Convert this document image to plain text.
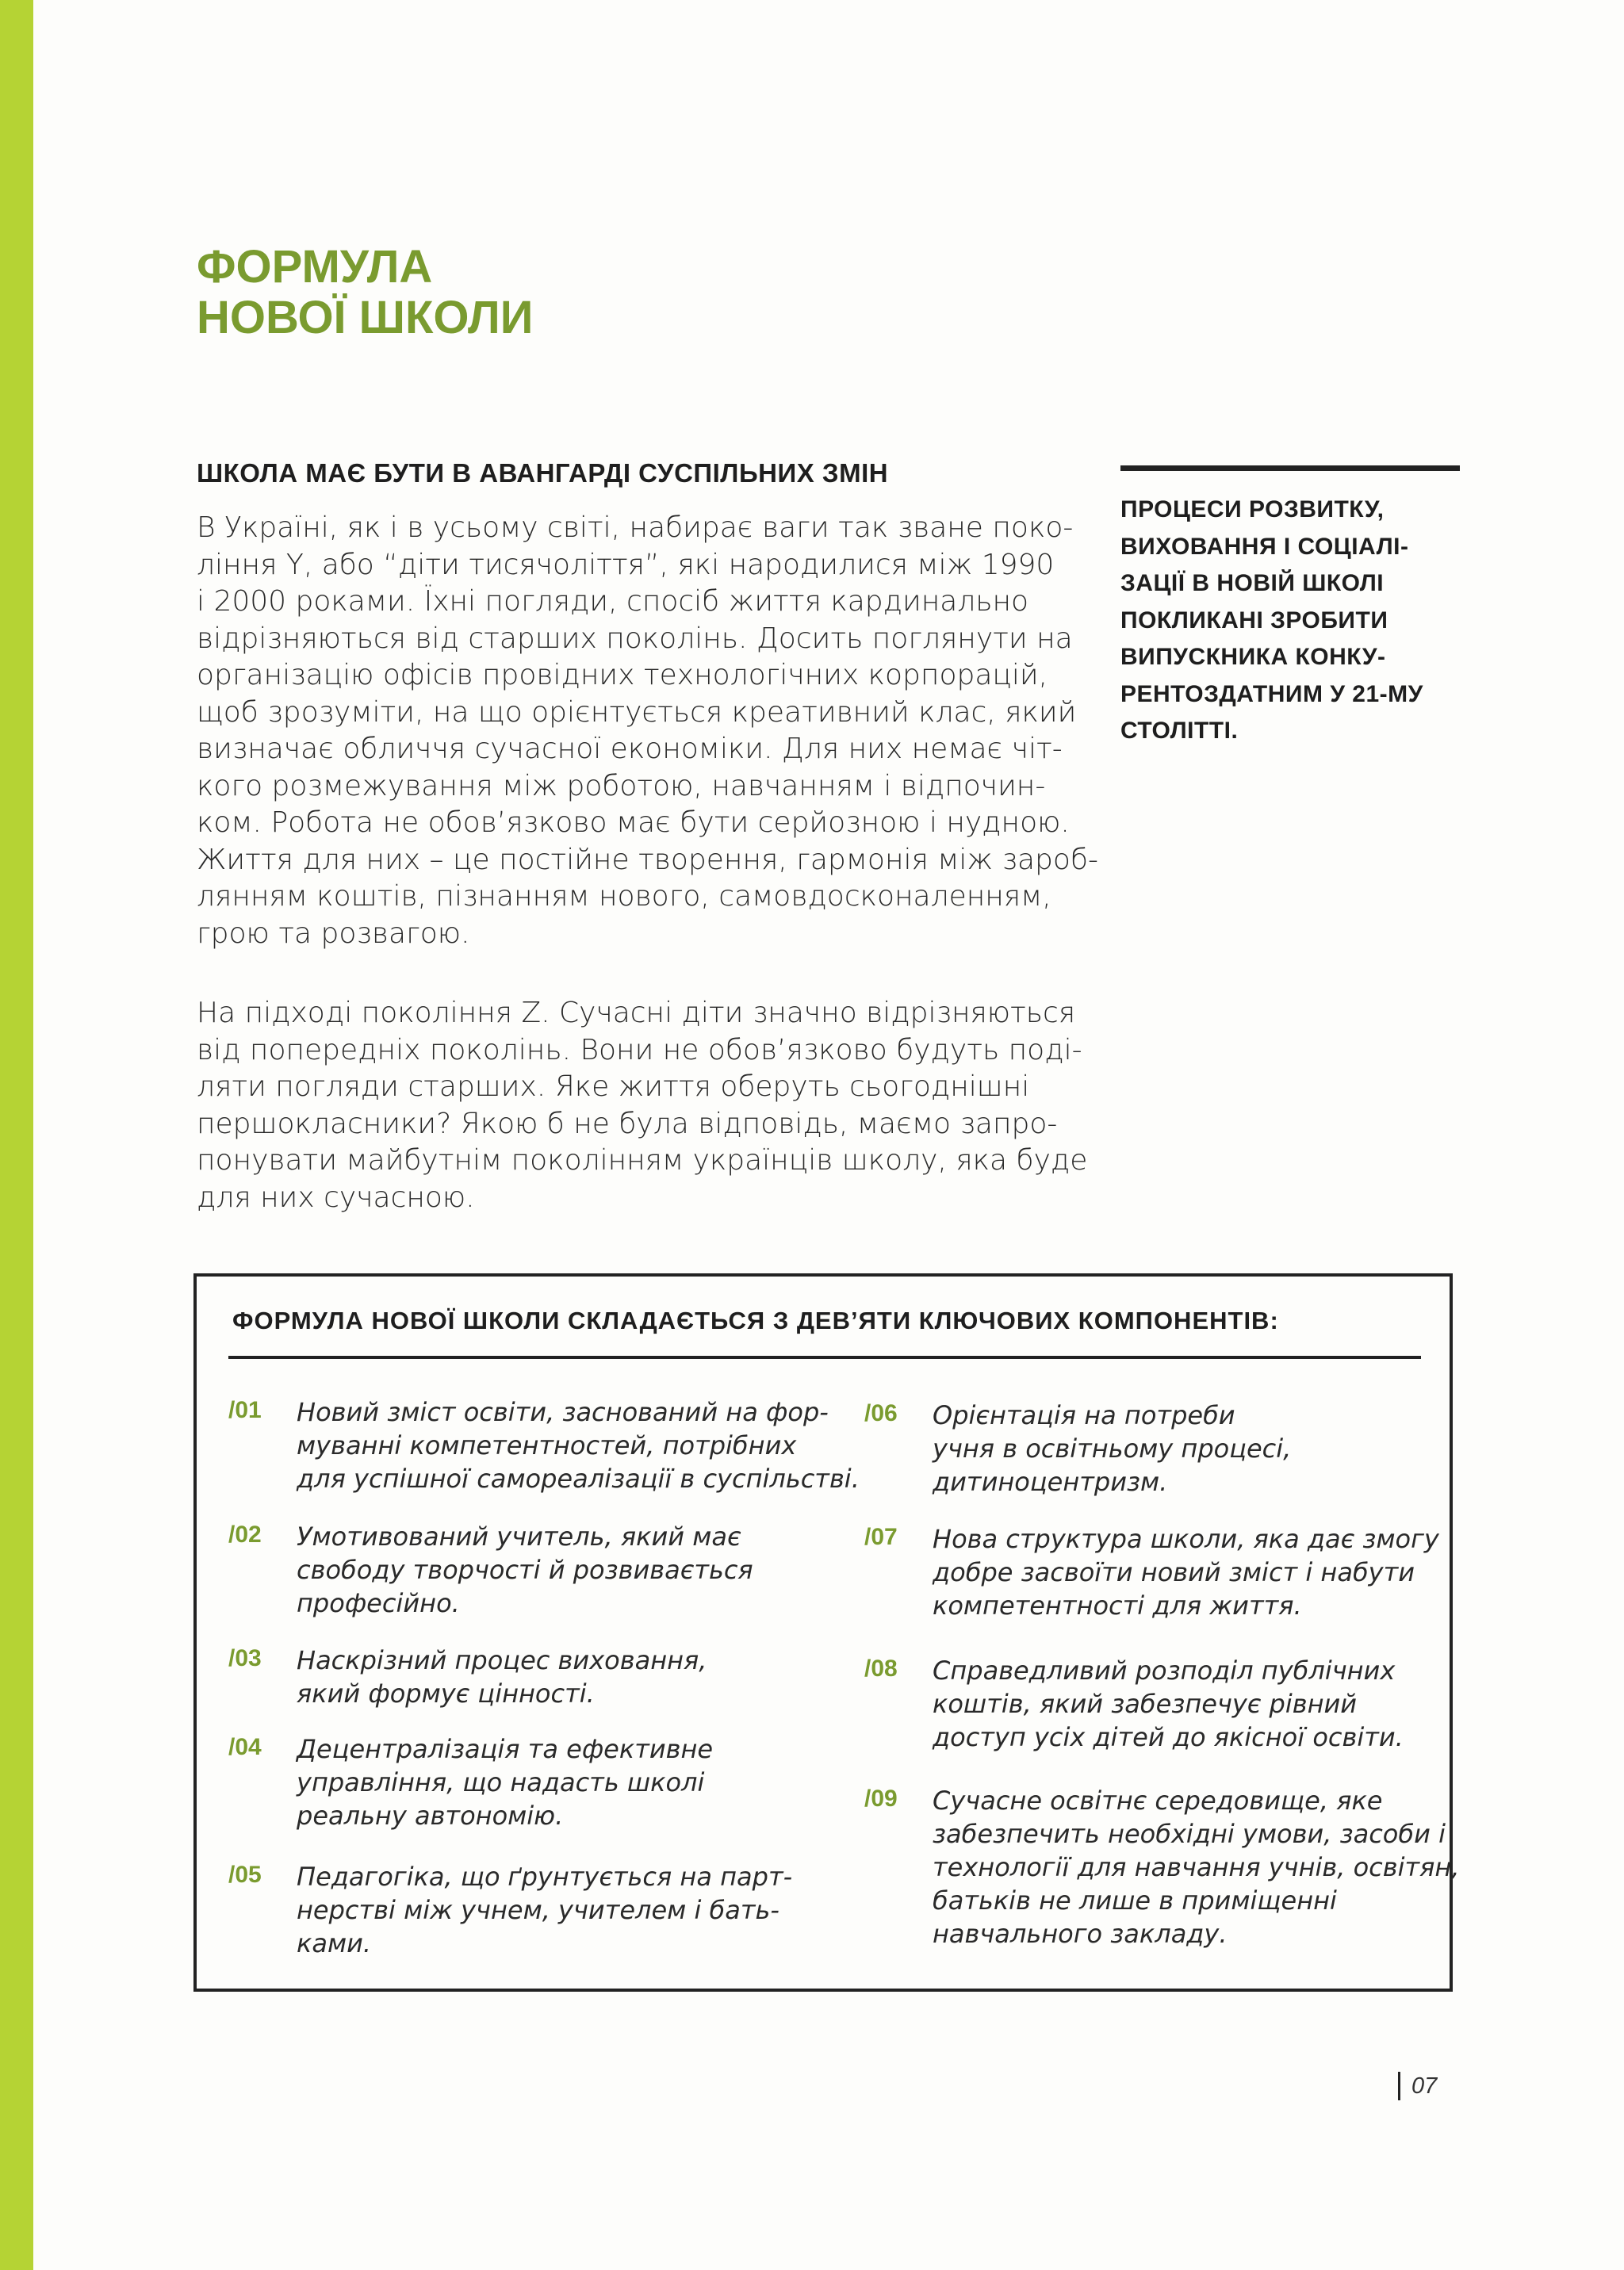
ФОРМУЛА
НОВОЇ ШКОЛИ
ШКОЛА МАЄ БУТИ В АВАНГАРДІ СУСПІЛЬНИХ ЗМІН

В Україні, як і в усьому світі, набирає ваги так зване поко-
ління Y, або “діти тисячоліття”, які народилися між 1990
і 2000 роками. Їхні погляди, спосіб життя кардинально
відрізняються від старших поколінь. Досить поглянути на
організацію офісів провідних технологічних корпорацій,
щоб зрозуміти, на що орієнтується креативний клас, який
визначає обличчя сучасної економіки. Для них немає чіт-
кого розмежування між роботою, навчанням і відпочин-
ком. Робота не обов’язково має бути серйозною і нудною.
Життя для них – це постійне творення, гармонія між зароб-
лянням коштів, пізнанням нового, самовдосконаленням,
грою та розвагою.

На підході покоління Z. Сучасні діти значно відрізняються
від попередніх поколінь. Вони не обов’язково будуть поді-
ляти погляди старших. Яке життя оберуть сьогоднішні
першокласники? Якою б не була відповідь, маємо запро-
понувати майбутнім поколінням українців школу, яка буде
для них сучасною.

ПРОЦЕСИ РОЗВИТКУ,
ВИХОВАННЯ І СОЦІАЛІ-
ЗАЦІЇ В НОВІЙ ШКОЛІ
ПОКЛИКАНІ ЗРОБИТИ
ВИПУСКНИКА КОНКУ-
РЕНТОЗДАТНИМ У 21-МУ
СТОЛІТТІ.

ФОРМУЛА НОВОЇ ШКОЛИ СКЛАДАЄТЬСЯ З ДЕВ’ЯТИ КЛЮЧОВИХ КОМПОНЕНТІВ:

/01 Новий зміст освіти, заснований на фор-
муванні компетентностей, потрібних
для успішної самореалізації в суспільстві.
/02 Умотивований учитель, який має
свободу творчості й розвивається
професійно.
/03 Наскрізний процес виховання,
який формує цінності.
/04 Децентралізація та ефективне
управління, що надасть школі
реальну автономію.
/05 Педагогіка, що ґрунтується на парт-
нерстві між учнем, учителем і бать-
ками.
/06 Орієнтація на потреби
учня в освітньому процесі,
дитиноцентризм.
/07 Нова структура школи, яка дає змогу
добре засвоїти новий зміст і набути
компетентності для життя.
/08 Справедливий розподіл публічних
коштів, який забезпечує рівний
доступ усіх дітей до якісної освіти.
/09 Сучасне освітнє середовище, яке
забезпечить необхідні умови, засоби і
технології для навчання учнів, освітян,
батьків не лише в приміщенні
навчального закладу.
07
